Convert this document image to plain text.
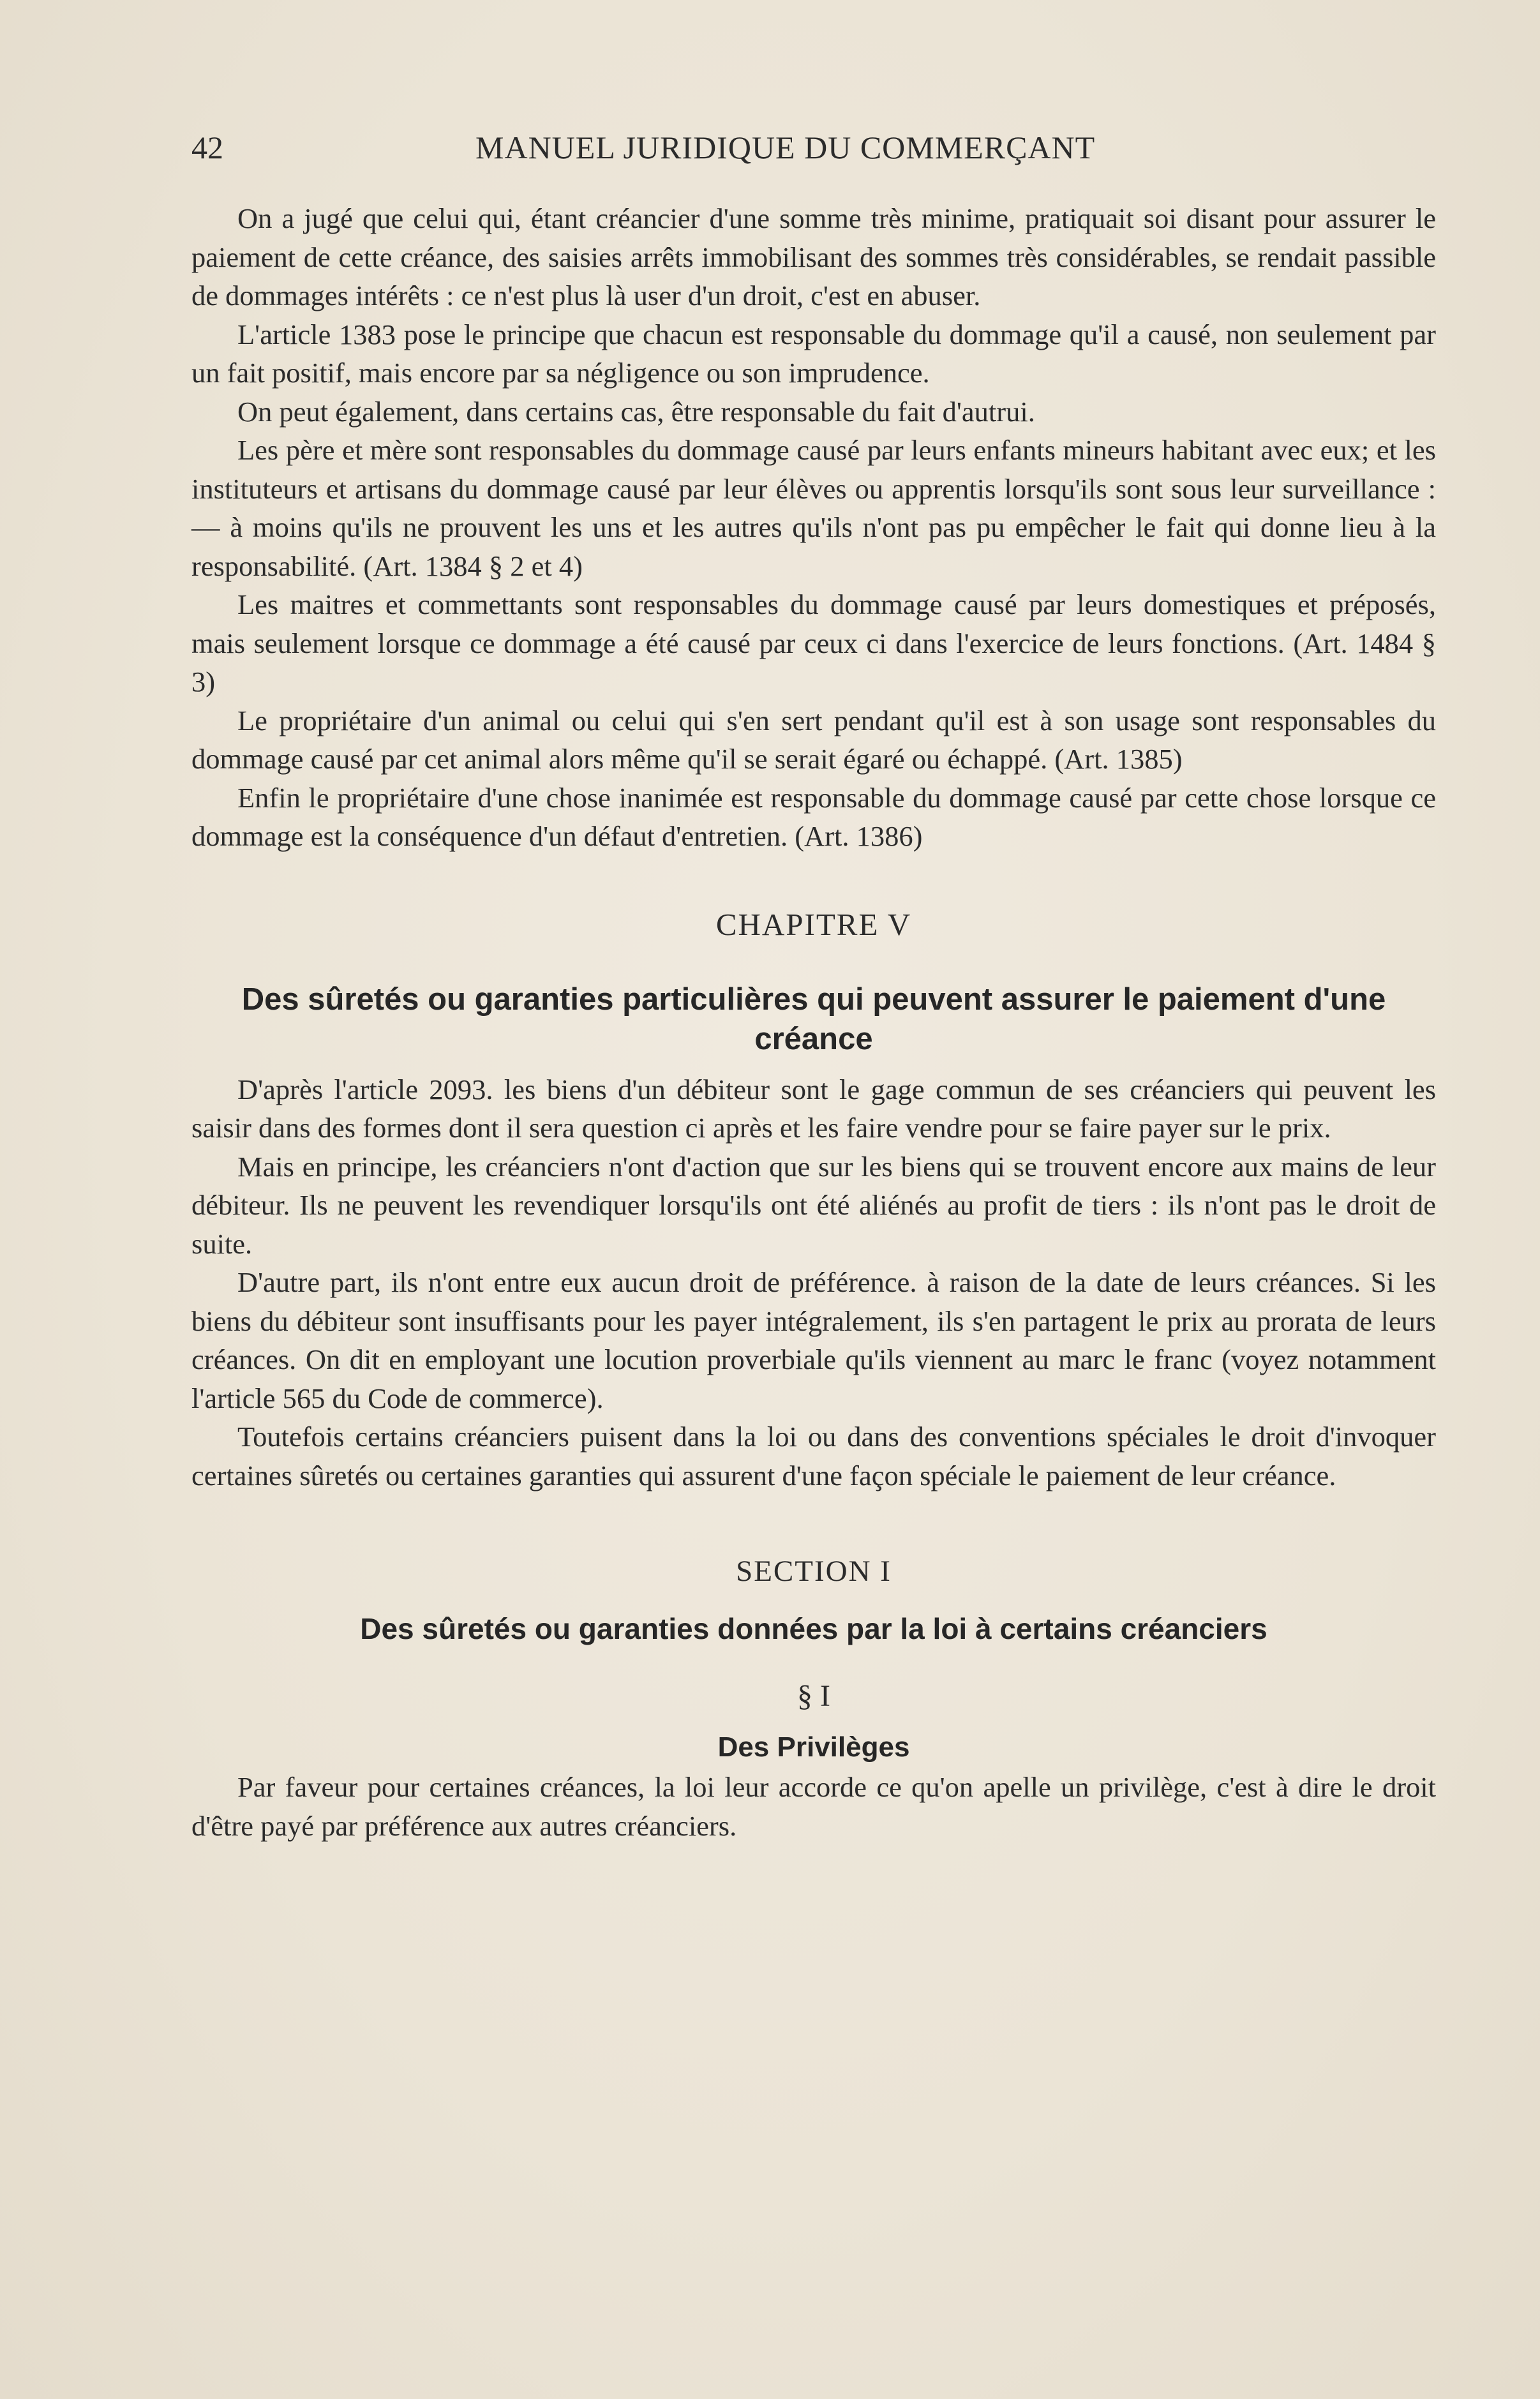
42	MANUEL JURIDIQUE DU COMMERÇANT

On a jugé que celui qui, étant créancier d'une somme très minime, pratiquait soi disant pour assurer le paiement de cette créance, des saisies arrêts immobilisant des sommes très considérables, se rendait passible de dommages intérêts : ce n'est plus là user d'un droit, c'est en abuser.

L'article 1383 pose le principe que chacun est responsable du dommage qu'il a causé, non seulement par un fait positif, mais encore par sa négligence ou son imprudence.

On peut également, dans certains cas, être responsable du fait d'autrui.

Les père et mère sont responsables du dommage causé par leurs enfants mineurs habitant avec eux; et les instituteurs et artisans du dommage causé par leur élèves ou apprentis lorsqu'ils sont sous leur surveillance : — à moins qu'ils ne prouvent les uns et les autres qu'ils n'ont pas pu empêcher le fait qui donne lieu à la responsabilité. (Art. 1384 § 2 et 4)

Les maitres et commettants sont responsables du dommage causé par leurs domestiques et préposés, mais seulement lorsque ce dommage a été causé par ceux ci dans l'exercice de leurs fonctions. (Art. 1484 § 3)

Le propriétaire d'un animal ou celui qui s'en sert pendant qu'il est à son usage sont responsables du dommage causé par cet animal alors même qu'il se serait égaré ou échappé. (Art. 1385)

Enfin le propriétaire d'une chose inanimée est responsable du dommage causé par cette chose lorsque ce dommage est la conséquence d'un défaut d'entretien. (Art. 1386)

CHAPITRE V
Des sûretés ou garanties particulières qui peuvent assurer le paiement d'une créance

D'après l'article 2093. les biens d'un débiteur sont le gage commun de ses créanciers qui peuvent les saisir dans des formes dont il sera question ci après et les faire vendre pour se faire payer sur le prix.

Mais en principe, les créanciers n'ont d'action que sur les biens qui se trouvent encore aux mains de leur débiteur. Ils ne peuvent les revendiquer lorsqu'ils ont été aliénés au profit de tiers : ils n'ont pas le droit de suite.

D'autre part, ils n'ont entre eux aucun droit de préférence. à raison de la date de leurs créances. Si les biens du débiteur sont insuffisants pour les payer intégralement, ils s'en partagent le prix au prorata de leurs créances. On dit en employant une locution proverbiale qu'ils viennent au marc le franc (voyez notamment l'article 565 du Code de commerce).

Toutefois certains créanciers puisent dans la loi ou dans des conventions spéciales le droit d'invoquer certaines sûretés ou certaines garanties qui assurent d'une façon spéciale le paiement de leur créance.

SECTION I
Des sûretés ou garanties données par la loi à certains créanciers
§ I
Des Privilèges

Par faveur pour certaines créances, la loi leur accorde ce qu'on apelle un privilège, c'est à dire le droit d'être payé par préférence aux autres créanciers.
